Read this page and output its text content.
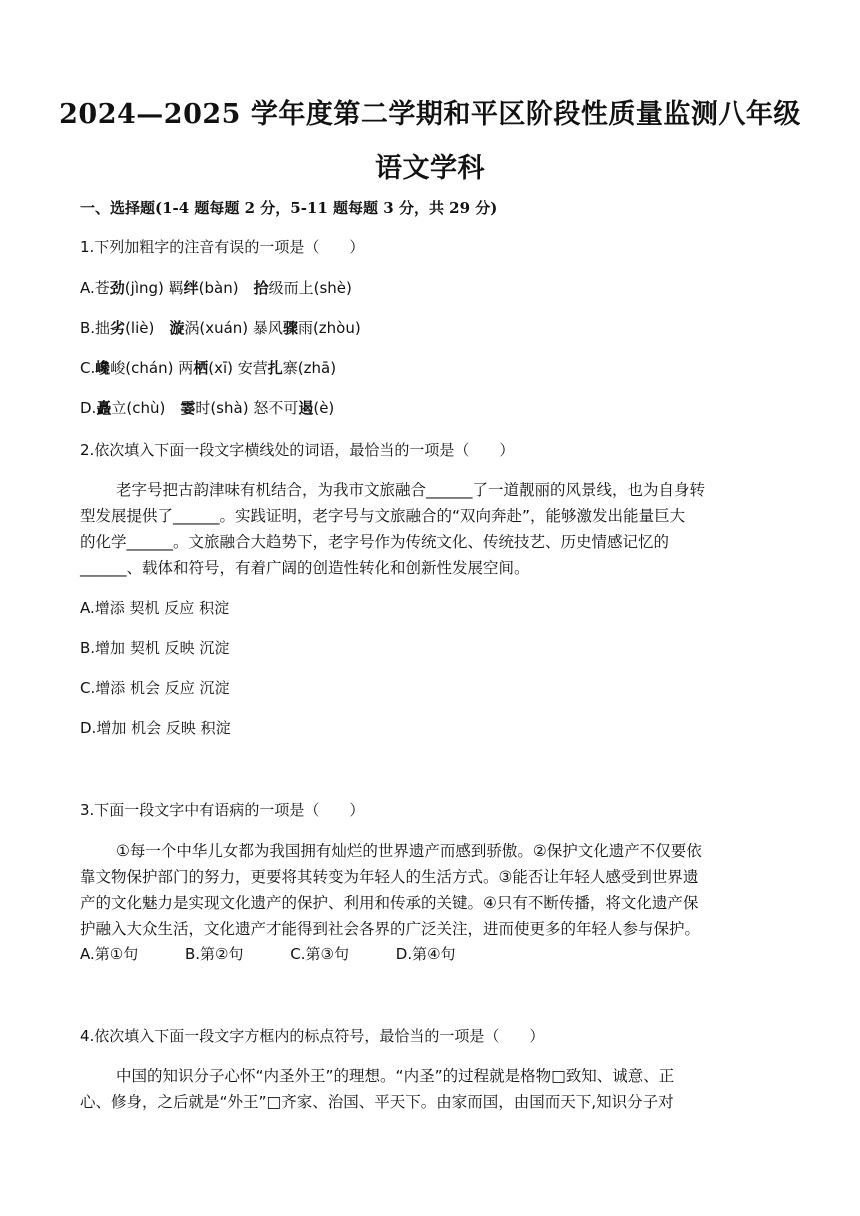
2024—2025 学年度第二学期和平区阶段性质量监测八年级
语文学科
一、选择题(1-4 题每题 2 分，5-11 题每题 3 分，共 29 分)
1.下列加粗字的注音有误的一项是（　　）
A.苍劲(jìng) 羁绊(bàn)　拾级而上(shè)
B.拙劣(liè)　漩涡(xuán) 暴风骤雨(zhòu)
C.巉峻(chán) 两栖(xī) 安营扎寨(zhā)
D.矗立(chù)　霎时(shà) 怒不可遏(è)
2.依次填入下面一段文字横线处的词语，最恰当的一项是（　　）
老字号把古韵津味有机结合，为我市文旅融合______了一道靓丽的风景线，也为自身转
型发展提供了______。实践证明，老字号与文旅融合的“双向奔赴”，能够激发出能量巨大
的化学______。文旅融合大趋势下，老字号作为传统文化、传统技艺、历史情感记忆的
______、载体和符号，有着广阔的创造性转化和创新性发展空间。
A.增添 契机 反应 积淀
B.增加 契机 反映 沉淀
C.增添 机会 反应 沉淀
D.增加 机会 反映 积淀
3.下面一段文字中有语病的一项是（　　）
①每一个中华儿女都为我国拥有灿烂的世界遗产而感到骄傲。②保护文化遗产不仅要依
靠文物保护部门的努力，更要将其转变为年轻人的生活方式。③能否让年轻人感受到世界遗
产的文化魅力是实现文化遗产的保护、利用和传承的关键。④只有不断传播，将文化遗产保
护融入大众生活，文化遗产才能得到社会各界的广泛关注，进而使更多的年轻人参与保护。
A.第①句	B.第②句	C.第③句	D.第④句
4.依次填入下面一段文字方框内的标点符号，最恰当的一项是（　　）
中国的知识分子心怀“内圣外王”的理想。“内圣”的过程就是格物□致知、诚意、正
心、修身，之后就是“外王”□齐家、治国、平天下。由家而国，由国而天下,知识分子对
